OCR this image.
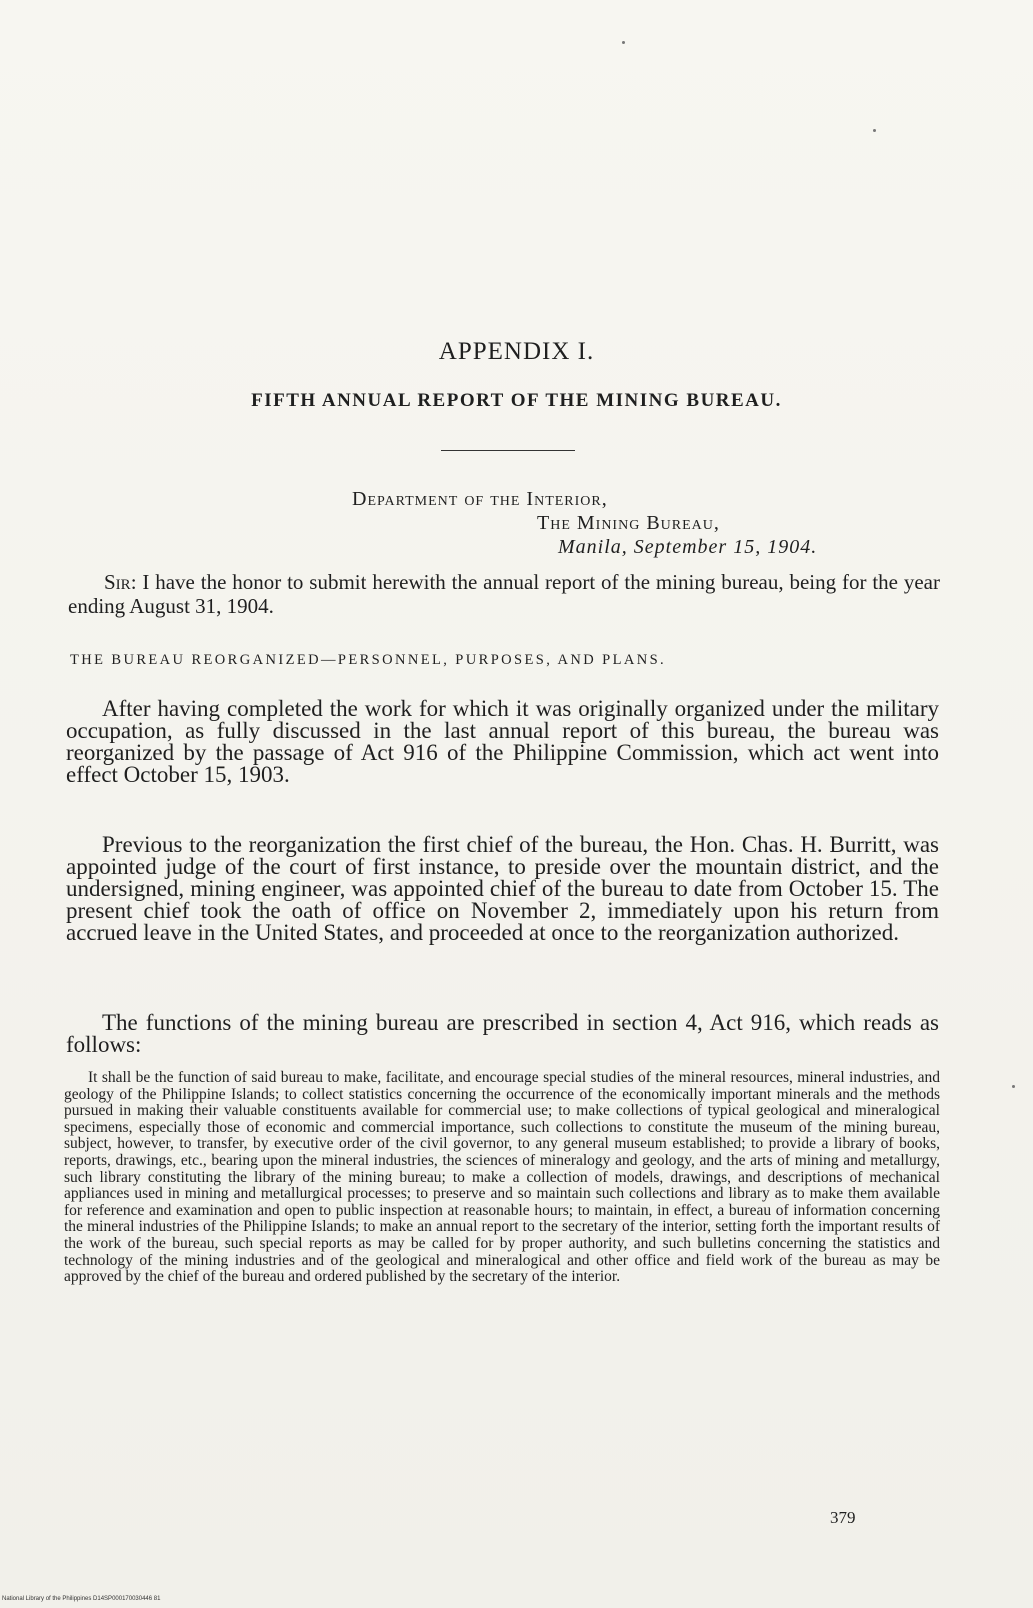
APPENDIX I.
FIFTH ANNUAL REPORT OF THE MINING BUREAU.
Department of the Interior,
The Mining Bureau,
Manila, September 15, 1904.

Sir: I have the honor to submit herewith the annual report of the mining bureau, being for the year ending August 31, 1904.

THE BUREAU REORGANIZED—PERSONNEL, PURPOSES, AND PLANS.

After having completed the work for which it was originally organized under the military occupation, as fully discussed in the last annual report of this bureau, the bureau was reorganized by the passage of Act 916 of the Philippine Commission, which act went into effect October 15, 1903.

Previous to the reorganization the first chief of the bureau, the Hon. Chas. H. Burritt, was appointed judge of the court of first instance, to preside over the mountain district, and the undersigned, mining engineer, was appointed chief of the bureau to date from October 15. The present chief took the oath of office on November 2, immediately upon his return from accrued leave in the United States, and proceeded at once to the reorganization authorized.

The functions of the mining bureau are prescribed in section 4, Act 916, which reads as follows:

It shall be the function of said bureau to make, facilitate, and encourage special studies of the mineral resources, mineral industries, and geology of the Philippine Islands; to collect statistics concerning the occurrence of the economically important minerals and the methods pursued in making their valuable constituents available for commercial use; to make collections of typical geological and mineralogical specimens, especially those of economic and commercial importance, such collections to constitute the museum of the mining bureau, subject, however, to transfer, by executive order of the civil governor, to any general museum established; to provide a library of books, reports, drawings, etc., bearing upon the mineral industries, the sciences of mineralogy and geology, and the arts of mining and metallurgy, such library constituting the library of the mining bureau; to make a collection of models, drawings, and descriptions of mechanical appliances used in mining and metallurgical processes; to preserve and so maintain such collections and library as to make them available for reference and examination and open to public inspection at reasonable hours; to maintain, in effect, a bureau of information concerning the mineral industries of the Philippine Islands; to make an annual report to the secretary of the interior, setting forth the important results of the work of the bureau, such special reports as may be called for by proper authority, and such bulletins concerning the statistics and technology of the mining industries and of the geological and mineralogical and other office and field work of the bureau as may be approved by the chief of the bureau and ordered published by the secretary of the interior.

379
National Library of the Philippines D14SP000170030446 81
